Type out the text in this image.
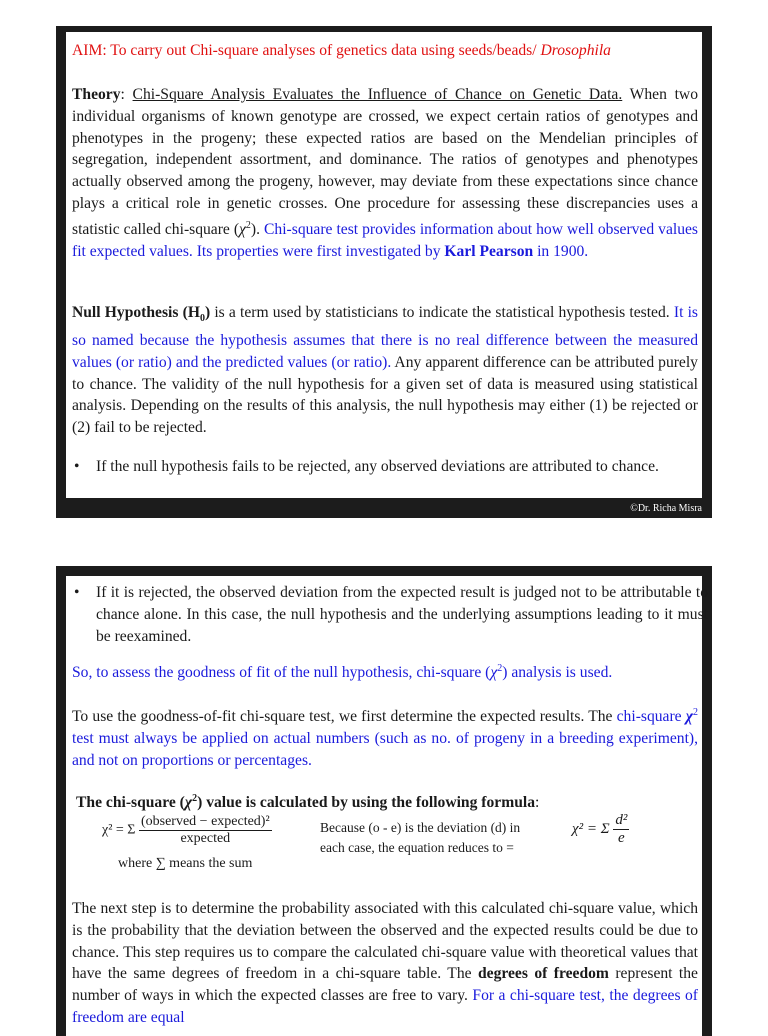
AIM: To carry out Chi-square analyses of genetics data using seeds/beads/ Drosophila
Theory: Chi-Square Analysis Evaluates the Influence of Chance on Genetic Data. When two individual organisms of known genotype are crossed, we expect certain ratios of genotypes and phenotypes in the progeny; these expected ratios are based on the Mendelian principles of segregation, independent assortment, and dominance. The ratios of genotypes and phenotypes actually observed among the progeny, however, may deviate from these expectations since chance plays a critical role in genetic crosses. One procedure for assessing these discrepancies uses a statistic called chi-square $(\chi^2)$. Chi-square test provides information about how well observed values fit expected values. Its properties were first investigated by Karl Pearson in 1900.
Null Hypothesis $(H_0)$ is a term used by statisticians to indicate the statistical hypothesis tested. It is so named because the hypothesis assumes that there is no real difference between the measured values (or ratio) and the predicted values (or ratio). Any apparent difference can be attributed purely to chance. The validity of the null hypothesis for a given set of data is measured using statistical analysis. Depending on the results of this analysis, the null hypothesis may either (1) be rejected or (2) fail to be rejected.
• If the null hypothesis fails to be rejected, any observed deviations are attributed to chance.
©Dr. Richa Misra
• If it is rejected, the observed deviation from the expected result is judged not to be attributable to chance alone. In this case, the null hypothesis and the underlying assumptions leading to it must be reexamined.
So, to assess the goodness of fit of the null hypothesis, chi-square $(\chi^2)$ analysis is used.
To use the goodness-of-fit chi-square test, we first determine the expected results. The chi-square $\chi^2$ test must always be applied on actual numbers (such as no. of progeny in a breeding experiment), and not on proportions or percentages.
The chi-square $(\chi^2)$ value is calculated by using the following formula:
χ² = Σ $\frac{\text{(observed − expected)²}}{\text{expected}}$
where ∑ means the sum
Because (o - e) is the deviation (d) in each case, the equation reduces to =
χ² = Σ $\frac{\text{d²}}{e}$
The next step is to determine the probability associated with this calculated chi-square value, which is the probability that the deviation between the observed and the expected results could be due to chance. This step requires us to compare the calculated chi-square value with theoretical values that have the same degrees of freedom in a chi-square table. The degrees of freedom represent the number of ways in which the expected classes are free to vary. For a chi-square test, the degrees of freedom are equal
